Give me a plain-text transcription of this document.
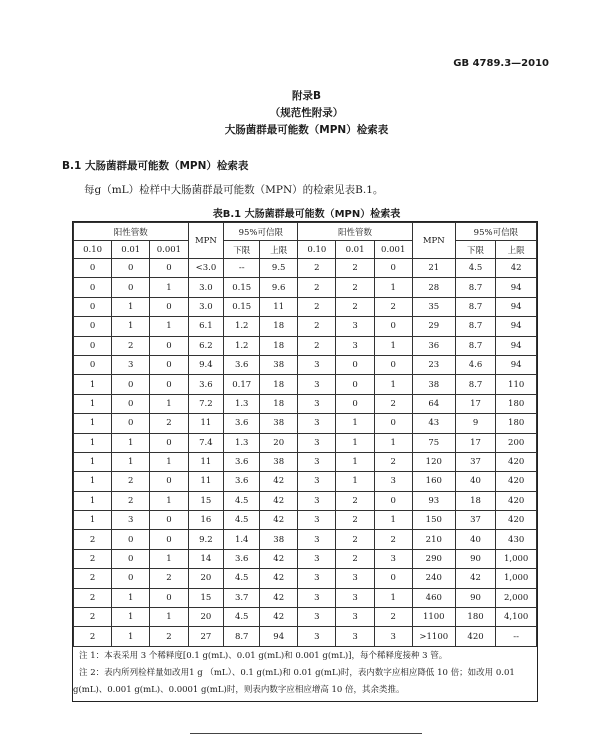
GB 4789.3—2010
附录B
（规范性附录）
大肠菌群最可能数（MPN）检索表
B.1 大肠菌群最可能数（MPN）检索表
每g（mL）检样中大肠菌群最可能数（MPN）的检索见表B.1。
表B.1 大肠菌群最可能数（MPN）检索表
阳性管数			MPN	95%可信限		阳性管数			MPN	95%可信限	
0.10	0.01	0.001		下限	上限	0.10	0.01	0.001		下限	上限
0	0	0	<3.0	--	9.5	2	2	0	21	4.5	42
0	0	1	3.0	0.15	9.6	2	2	1	28	8.7	94
0	1	0	3.0	0.15	11	2	2	2	35	8.7	94
0	1	1	6.1	1.2	18	2	3	0	29	8.7	94
0	2	0	6.2	1.2	18	2	3	1	36	8.7	94
0	3	0	9.4	3.6	38	3	0	0	23	4.6	94
1	0	0	3.6	0.17	18	3	0	1	38	8.7	110
1	0	1	7.2	1.3	18	3	0	2	64	17	180
1	0	2	11	3.6	38	3	1	0	43	9	180
1	1	0	7.4	1.3	20	3	1	1	75	17	200
1	1	1	11	3.6	38	3	1	2	120	37	420
1	2	0	11	3.6	42	3	1	3	160	40	420
1	2	1	15	4.5	42	3	2	0	93	18	420
1	3	0	16	4.5	42	3	2	1	150	37	420
2	0	0	9.2	1.4	38	3	2	2	210	40	430
2	0	1	14	3.6	42	3	2	3	290	90	1,000
2	0	2	20	4.5	42	3	3	0	240	42	1,000
2	1	0	15	3.7	42	3	3	1	460	90	2,000
2	1	1	20	4.5	42	3	3	2	1100	180	4,100
2	1	2	27	8.7	94	3	3	3	>1100	420	--
注 1：本表采用 3 个稀释度[0.1 g(mL)、0.01 g(mL)和 0.001 g(mL)]，每个稀释度接种 3 管。
注 2：表内所列检样量如改用1 g （mL）、0.1 g(mL)和 0.01 g(mL)时，表内数字应相应降低 10 倍；如改用 0.01
g(mL)、0.001 g(mL)、0.0001 g(mL)时，则表内数字应相应增高 10 倍，其余类推。
